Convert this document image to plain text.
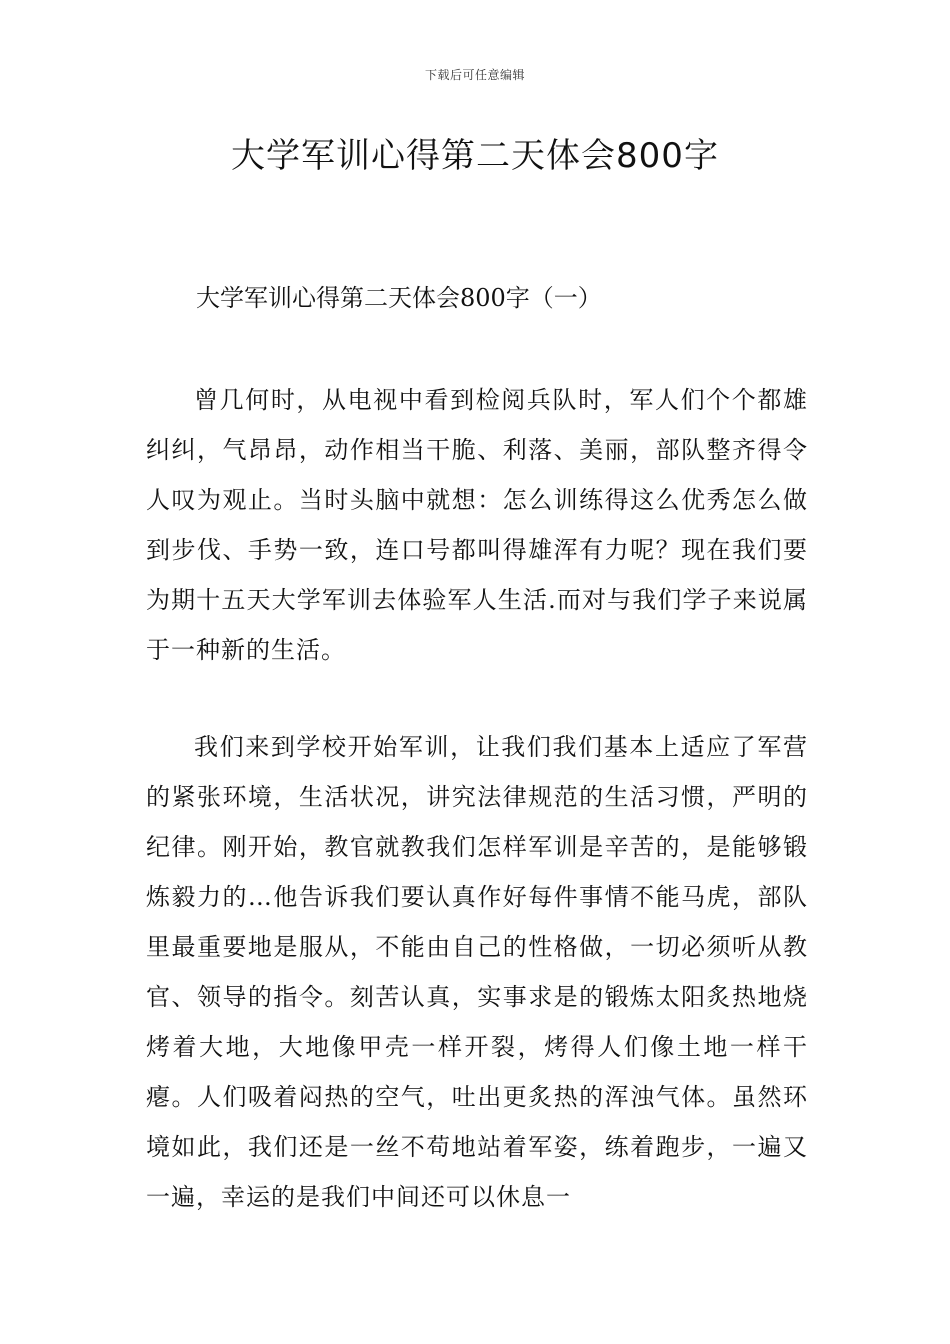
下载后可任意编辑
大学军训心得第二天体会800字

大学军训心得第二天体会800字（一）

曾几何时，从电视中看到检阅兵队时，军人们个个都雄纠纠，气昂昂，动作相当干脆、利落、美丽，部队整齐得令人叹为观止。当时头脑中就想：怎么训练得这么优秀怎么做到步伐、手势一致，连口号都叫得雄浑有力呢？现在我们要为期十五天大学军训去体验军人生活.而对与我们学子来说属于一种新的生活。

我们来到学校开始军训，让我们我们基本上适应了军营的紧张环境，生活状况，讲究法律规范的生活习惯，严明的纪律。刚开始，教官就教我们怎样军训是辛苦的，是能够锻炼毅力的…他告诉我们要认真作好每件事情不能马虎，部队里最重要地是服从，不能由自己的性格做，一切必须听从教官、领导的指令。刻苦认真，实事求是的锻炼太阳炙热地烧烤着大地，大地像甲壳一样开裂，烤得人们像土地一样干瘪。人们吸着闷热的空气，吐出更炙热的浑浊气体。虽然环境如此，我们还是一丝不苟地站着军姿，练着跑步，一遍又一遍，幸运的是我们中间还可以休息一
